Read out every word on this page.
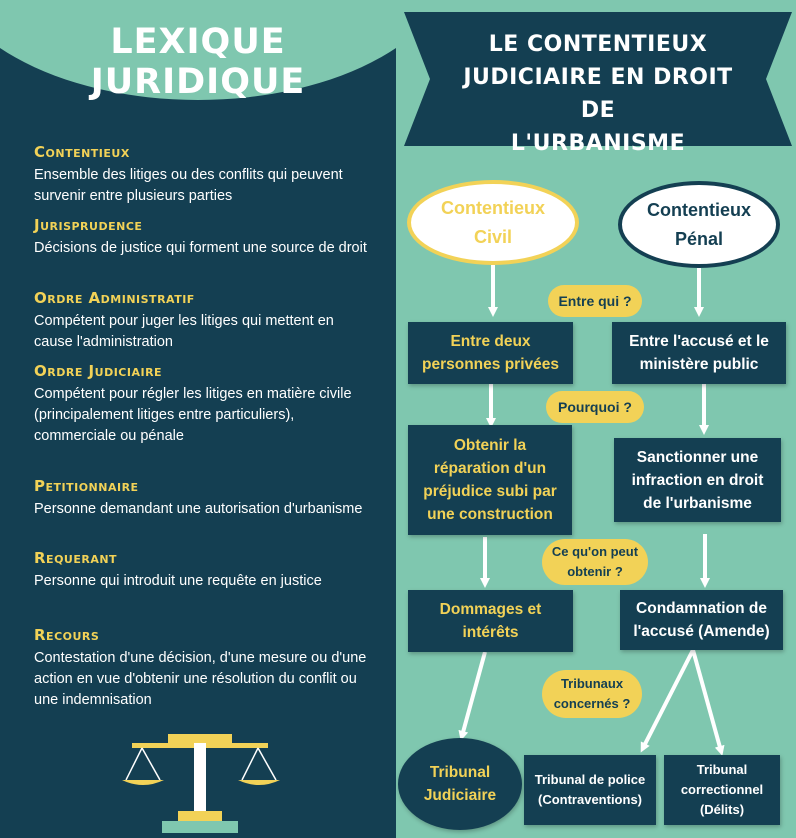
LEXIQUE
JURIDIQUE
Contentieux
Ensemble des litiges ou des conflits qui peuvent survenir entre plusieurs parties
Jurisprudence
Décisions de justice qui forment une source de droit
Ordre Administratif
Compétent pour juger les litiges qui mettent en cause l'administration
Ordre Judiciaire
Compétent pour régler les litiges en matière civile (principalement litiges entre particuliers), commerciale ou pénale
Petitionnaire
Personne demandant une autorisation d'urbanisme
Requerant
Personne qui introduit une requête en justice
Recours
Contestation d'une décision, d'une mesure ou d'une action en vue d'obtenir une résolution du conflit ou une indemnisation
LE CONTENTIEUX
JUDICIAIRE EN DROIT DE
L'URBANISME
Contentieux
Civil
Contentieux
Pénal
Entre qui ?
Entre deux personnes privées
Entre l'accusé et le ministère public
Pourquoi ?
Obtenir la réparation d'un préjudice subi par une construction
Sanctionner une infraction en droit de l'urbanisme
Ce qu'on peut obtenir ?
Dommages et intérêts
Condamnation de l'accusé (Amende)
Tribunaux concernés ?
Tribunal Judiciaire
Tribunal de police (Contraventions)
Tribunal correctionnel (Délits)
